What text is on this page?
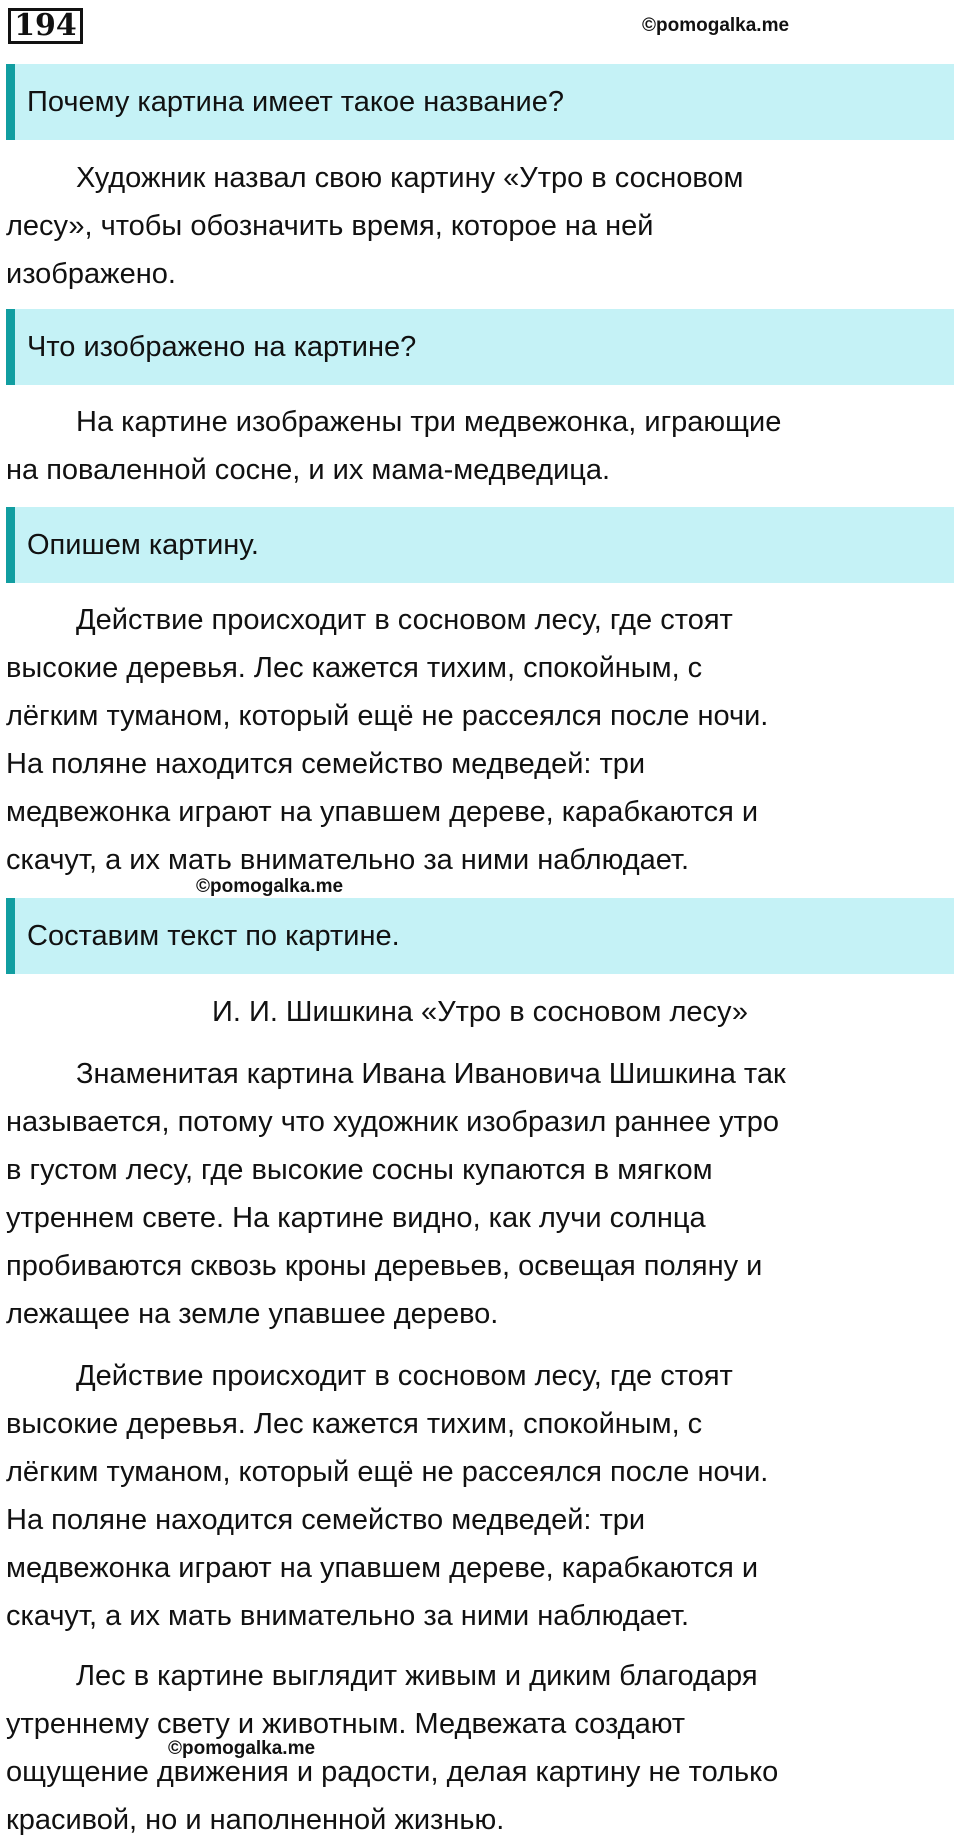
194	©pomogalka.me
Почему картина имеет такое название?
Художник назвал свою картину «Утро в сосновом
лесу», чтобы обозначить время, которое на ней
изображено.
Что изображено на картине?
На картине изображены три медвежонка, играющие
на поваленной сосне, и их мама-медведица.
Опишем картину.
Действие происходит в сосновом лесу, где стоят
высокие деревья. Лес кажется тихим, спокойным, с
лёгким туманом, который ещё не рассеялся после ночи.
На поляне находится семейство медведей: три
медвежонка играют на упавшем дереве, карабкаются и
скачут, а их мать внимательно за ними наблюдает.
©pomogalka.me
Составим текст по картине.
И. И. Шишкина «Утро в сосновом лесу»
Знаменитая картина Ивана Ивановича Шишкина так
называется, потому что художник изобразил раннее утро
в густом лесу, где высокие сосны купаются в мягком
утреннем свете. На картине видно, как лучи солнца
пробиваются сквозь кроны деревьев, освещая поляну и
лежащее на земле упавшее дерево.
Действие происходит в сосновом лесу, где стоят
высокие деревья. Лес кажется тихим, спокойным, с
лёгким туманом, который ещё не рассеялся после ночи.
На поляне находится семейство медведей: три
медвежонка играют на упавшем дереве, карабкаются и
скачут, а их мать внимательно за ними наблюдает.
Лес в картине выглядит живым и диким благодаря
утреннему свету и животным. Медвежата создают
ощущение движения и радости, делая картину не только
красивой, но и наполненной жизнью.
©pomogalka.me
